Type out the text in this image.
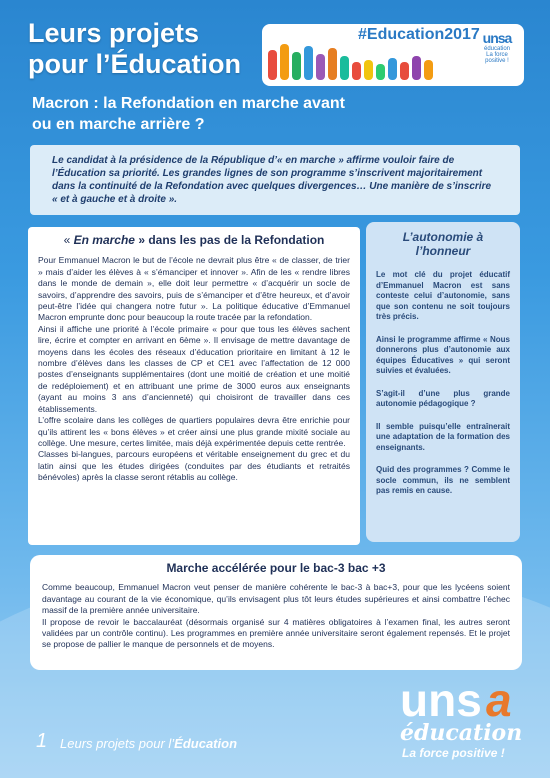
Leurs projets
pour l’Éducation
#Education2017 unsa
éducation
La force positive !
Macron : la Refondation en marche avant
ou en marche arrière ?

Le candidat à la présidence de la République d’« en marche » affirme vouloir faire de l’Éducation sa priorité. Les grandes lignes de son programme s’inscrivent majoritairement dans la continuité de la Refondation avec quelques divergences… Une manière de s’inscrire « et à gauche et à droite ».

« En marche » dans les pas de la Refondation

Pour Emmanuel Macron le but de l’école ne devrait plus être « de classer, de trier » mais d’aider les élèves à « s’émanciper et innover ». Afin de les « rendre libres dans le monde de demain », elle doit leur permettre « d’acquérir un socle de savoirs, d’apprendre des savoirs, puis de s’émanciper et d’être heureux, et d’avoir peut-être l’idée qui changera notre futur ». La politique éducative d’Emmanuel Macron emprunte donc pour beaucoup la route tracée par la refondation.

Ainsi il affiche une priorité à l’école primaire « pour que tous les élèves sachent lire, écrire et compter en arrivant en 6ème ». Il envisage de mettre davantage de moyens dans les écoles des réseaux d’éducation prioritaire en limitant à 12 le nombre d’élèves dans les classes de CP et CE1 avec l’affectation de 12 000 postes d’enseignants supplémentaires (dont une moitié de création et une moitié de redéploiement) et en attribuant une prime de 3000 euros aux enseignants (ayant au moins 3 ans d’ancienneté) qui choisiront de travailler dans ces établissements.

L’offre scolaire dans les collèges de quartiers populaires devra être enrichie pour qu’ils attirent les « bons élèves » et créer ainsi une plus grande mixité sociale au collège. Une mesure, certes limitée, mais déjà expérimentée depuis cette rentrée.

Classes bi-langues, parcours européens et véritable enseignement du grec et du latin ainsi que les études dirigées (conduites par des étudiants et retraités bénévoles) après la classe seront rétablis au collège.

L’autonomie à l’honneur

Le mot clé du projet éducatif d’Emmanuel Macron est sans conteste celui d’autonomie, sans que son contenu ne soit toujours très précis.

Ainsi le programme affirme « Nous donnerons plus d’autonomie aux équipes Éducatives » qui seront suivies et évaluées.

S’agit-il d’une plus grande autonomie pédagogique ?

Il semble puisqu’elle entraînerait une adaptation de la formation des enseignants.

Quid des programmes ? Comme le socle commun, ils ne semblent pas remis en cause.

Marche accélérée pour le bac-3 bac +3

Comme beaucoup, Emmanuel Macron veut penser de manière cohérente le bac-3 à bac+3, pour que les lycéens soient davantage au courant de la vie économique, qu’ils envisagent plus tôt leurs études supérieures et ainsi combattre l’échec massif de la première année universitaire.

Il propose de revoir le baccalauréat (désormais organisé sur 4 matières obligatoires à l’examen final, les autres seront validées par un contrôle continu). Les programmes en première année universitaire seront également repensés. Et le projet se propose de pallier le manque de personnels et de moyens.

1 Leurs projets pour l’Éducation
uns a
éducation
La force positive !
